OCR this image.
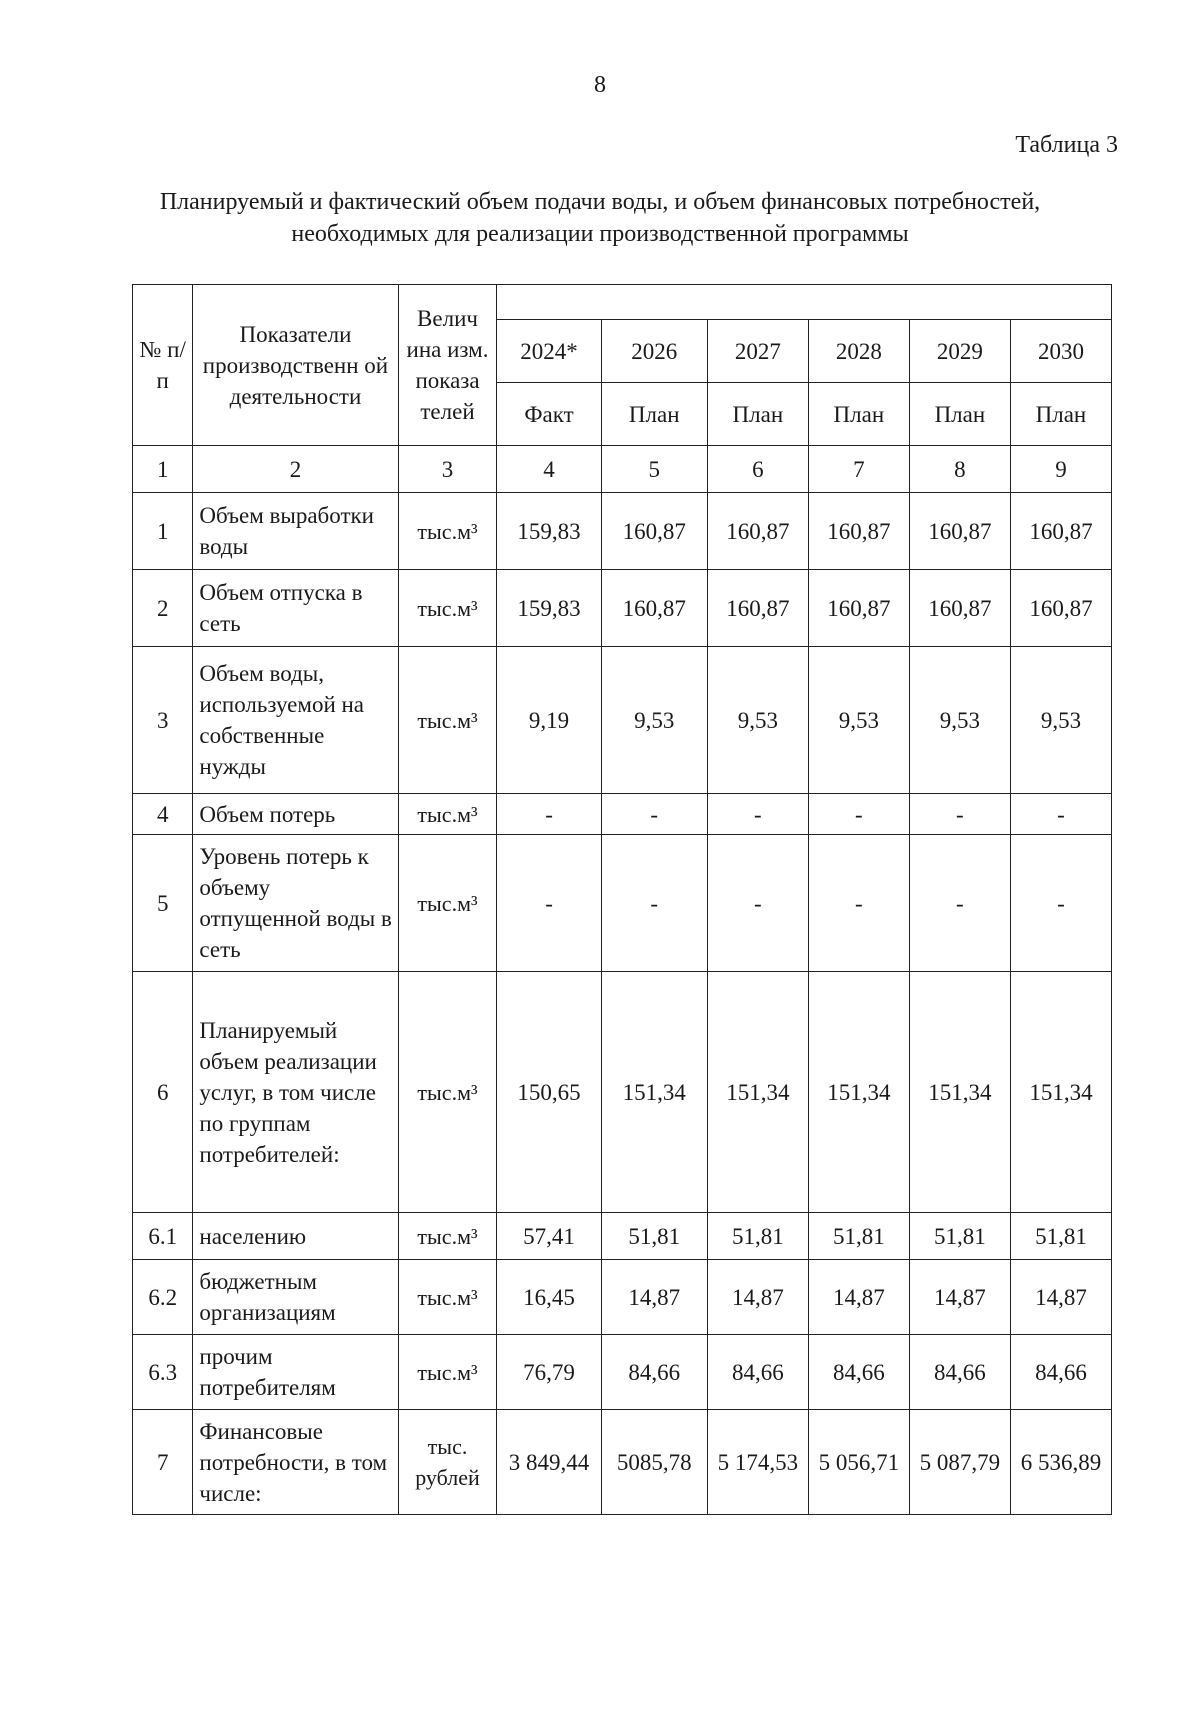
8
Таблица 3
Планируемый и фактический объем подачи воды, и объем финансовых потребностей, необходимых для реализации производственной программы
№ п/ п	Показатели производственн ой деятельности	Велич ина изм. показа телей						
			2024*	2026	2027	2028	2029	2030
			Факт	План	План	План	План	План
1	2	3	4	5	6	7	8	9
1	Объем выработки воды	тыс.м³	159,83	160,87	160,87	160,87	160,87	160,87
2	Объем отпуска в сеть	тыс.м³	159,83	160,87	160,87	160,87	160,87	160,87
3	Объем воды, используемой на собственные нужды	тыс.м³	9,19	9,53	9,53	9,53	9,53	9,53
4	Объем потерь	тыс.м³	-	-	-	-	-	-
5	Уровень потерь к объему отпущенной воды в сеть	тыс.м³	-	-	-	-	-	-
6	Планируемый объем реализации услуг, в том числе по группам потребителей:	тыс.м³	150,65	151,34	151,34	151,34	151,34	151,34
6.1	населению	тыс.м³	57,41	51,81	51,81	51,81	51,81	51,81
6.2	бюджетным организациям	тыс.м³	16,45	14,87	14,87	14,87	14,87	14,87
6.3	прочим потребителям	тыс.м³	76,79	84,66	84,66	84,66	84,66	84,66
7	Финансовые потребности, в том числе:	тыс. рублей	3 849,44	5085,78	5 174,53	5 056,71	5 087,79	6 536,89
